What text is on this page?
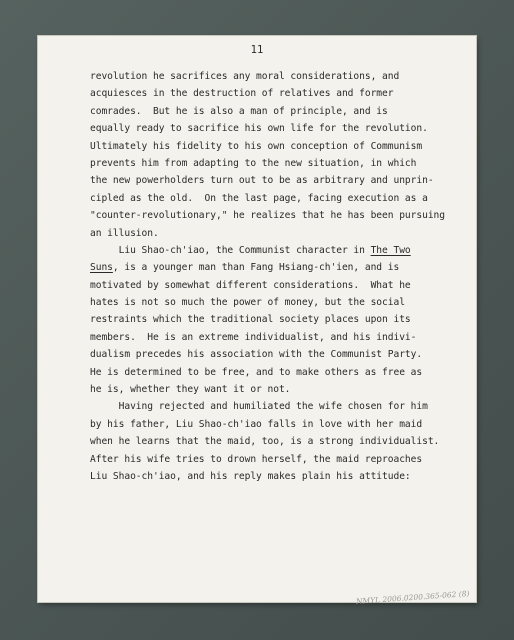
11
revolution he sacrifices any moral considerations, and
acquiesces in the destruction of relatives and former
comrades.  But he is also a man of principle, and is
equally ready to sacrifice his own life for the revolution.
Ultimately his fidelity to his own conception of Communism
prevents him from adapting to the new situation, in which
the new powerholders turn out to be as arbitrary and unprin-
cipled as the old.  On the last page, facing execution as a
"counter-revolutionary," he realizes that he has been pursuing
an illusion.
Liu Shao-ch'iao, the Communist character in The Two
Suns, is a younger man than Fang Hsiang-ch'ien, and is
motivated by somewhat different considerations.  What he
hates is not so much the power of money, but the social
restraints which the traditional society places upon its
members.  He is an extreme individualist, and his indivi-
dualism precedes his association with the Communist Party.
He is determined to be free, and to make others as free as
he is, whether they want it or not.
Having rejected and humiliated the wife chosen for him
by his father, Liu Shao-ch'iao falls in love with her maid
when he learns that the maid, too, is a strong individualist.
After his wife tries to drown herself, the maid reproaches
Liu Shao-ch'iao, and his reply makes plain his attitude:
NMYL 2006.0200.365-062 (8)
